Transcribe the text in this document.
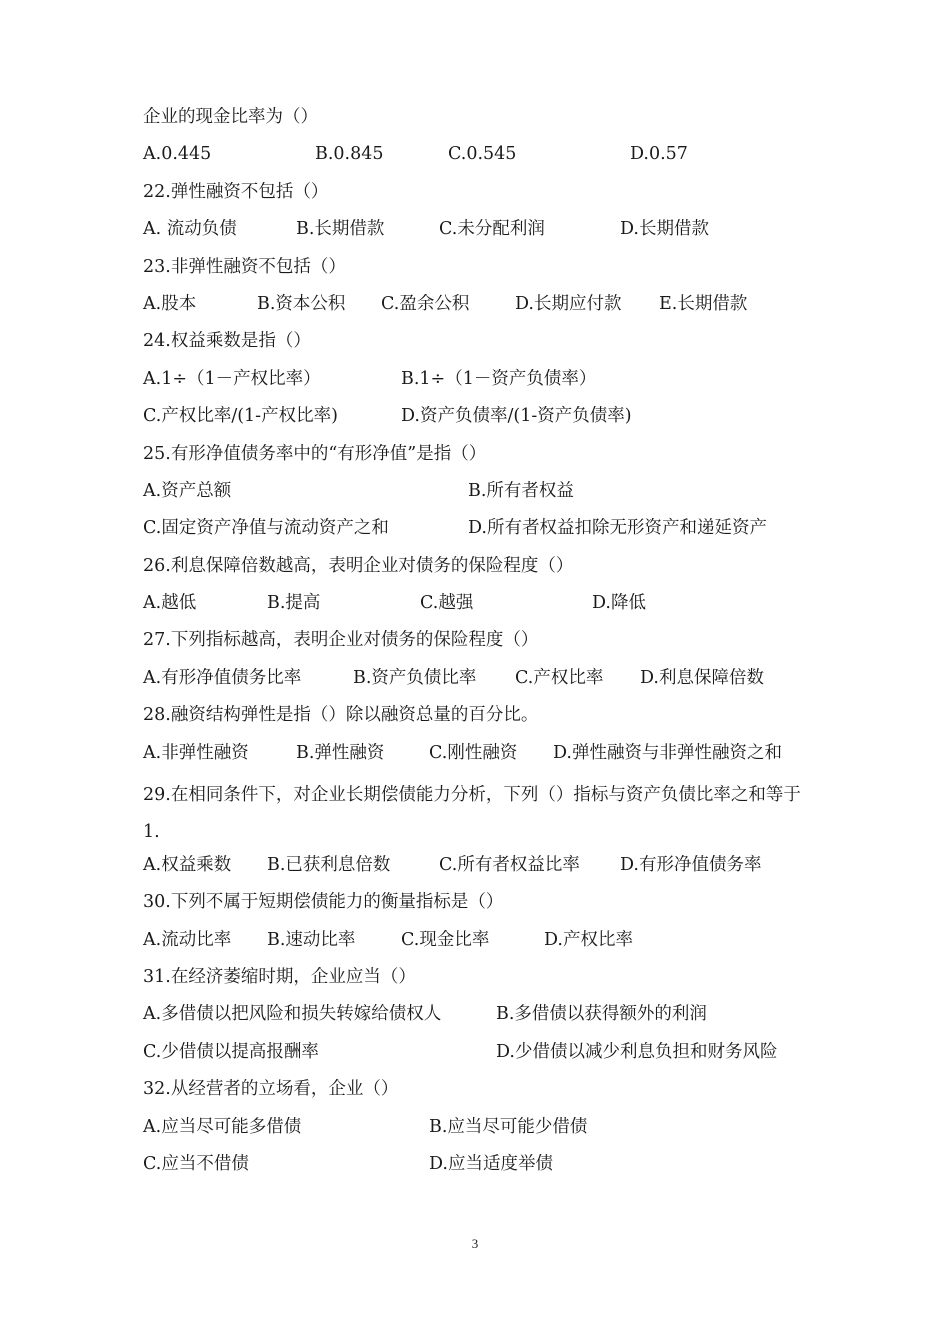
企业的现金比率为（）
A.0.445	B.0.845	C.0.545	D.0.57
22.弹性融资不包括（）
A. 流动负债	B.长期借款	C.未分配利润	D.长期借款
23.非弹性融资不包括（）
A.股本	B.资本公积 C.盈余公积	D.长期应付款 E.长期借款
24.权益乘数是指（）
A.1÷（1－产权比率）	B.1÷（1－资产负债率）
C.产权比率/(1-产权比率)	D.资产负债率/(1-资产负债率)
25.有形净值债务率中的“有形净值”是指（）
A.资产总额	B.所有者权益
C.固定资产净值与流动资产之和	D.所有者权益扣除无形资产和递延资产
26.利息保障倍数越高，表明企业对债务的保险程度（）
A.越低	B.提高	C.越强	D.降低
27.下列指标越高，表明企业对债务的保险程度（）
A.有形净值债务比率	B.资产负债比率 C.产权比率 D.利息保障倍数
28.融资结构弹性是指（）除以融资总量的百分比。
A.非弹性融资	B.弹性融资	C.刚性融资 D.弹性融资与非弹性融资之和
29.在相同条件下，对企业长期偿债能力分析，下列（）指标与资产负债比率之和等于 1.
A.权益乘数 B.已获利息倍数	C.所有者权益比率 D.有形净值债务率
30.下列不属于短期偿债能力的衡量指标是（）
A.流动比率 B.速动比率	C.现金比率	D.产权比率
31.在经济萎缩时期，企业应当（）
A.多借债以把风险和损失转嫁给债权人	B.多借债以获得额外的利润
C.少借债以提高报酬率	D.少借债以减少利息负担和财务风险
32.从经营者的立场看，企业（）
A.应当尽可能多借债	B.应当尽可能少借债
C.应当不借债	D.应当适度举债
3
